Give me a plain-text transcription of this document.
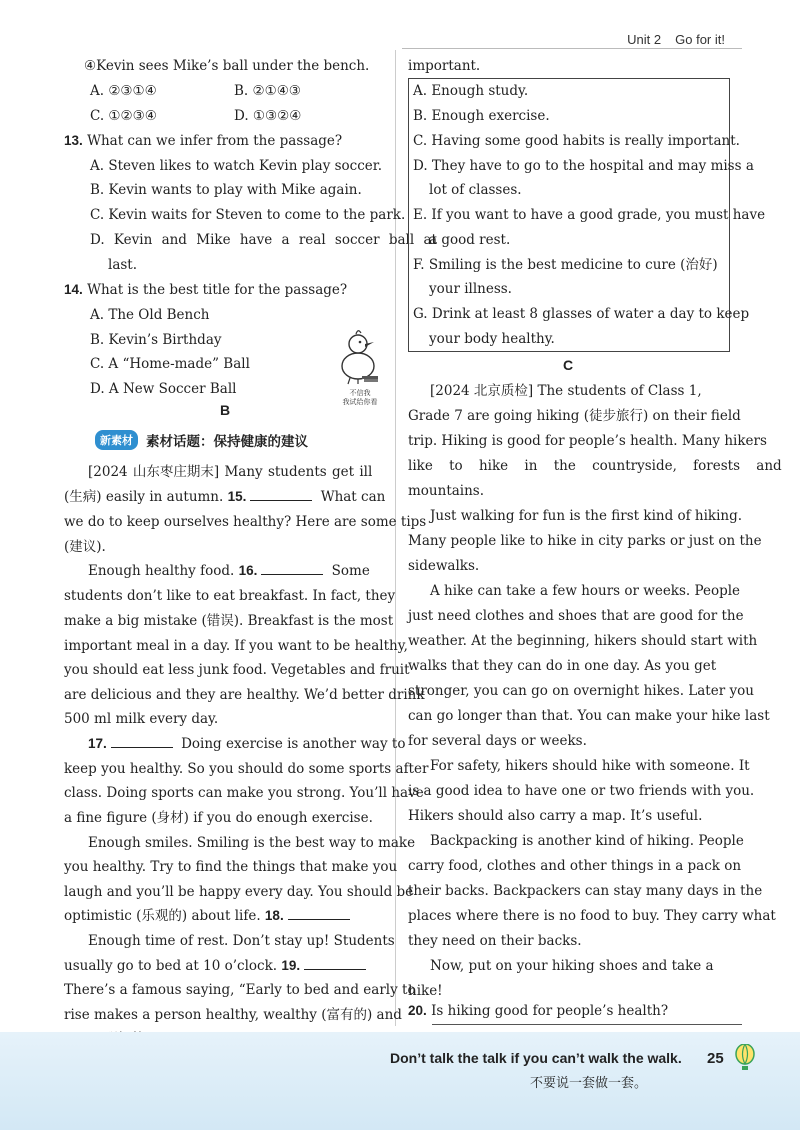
Unit 2 Go for it!
④Kevin sees Mike’s ball under the bench.
A. ②③①④	B. ②①④③
C. ①②③④	D. ①③②④
13. What can we infer from the passage?
A. Steven likes to watch Kevin play soccer.
B. Kevin wants to play with Mike again.
C. Kevin waits for Steven to come to the park.
D. Kevin and Mike have a real soccer ball at
last.
14. What is the best title for the passage?
A. The Old Bench
B. Kevin’s Birthday
C. A “Home-made” Ball
D. A New Soccer Ball	不信我
我试给你看
B
新素材 素材话题：保持健康的建议
[2024 山东枣庄期末] Many students get ill
(生病) easily in autumn. 15.	What can
we do to keep ourselves healthy? Here are some tips
(建议).
Enough healthy food. 16.	Some
students don’t like to eat breakfast. In fact, they
make a big mistake (错误). Breakfast is the most
important meal in a day. If you want to be healthy,
you should eat less junk food. Vegetables and fruit
are delicious and they are healthy. We’d better drink
500 ml milk every day.
17.	Doing exercise is another way to
keep you healthy. So you should do some sports after
class. Doing sports can make you strong. You’ll have
a fine figure (身材) if you do enough exercise.
Enough smiles. Smiling is the best way to make
you healthy. Try to find the things that make you
laugh and you’ll be happy every day. You should be
optimistic (乐观的) about life. 18.
Enough time of rest. Don’t stay up! Students
usually go to bed at 10 o’clock. 19.
There’s a famous saying, “Early to bed and early to
rise makes a person healthy, wealthy (富有的) and
important.
A. Enough study.
B. Enough exercise.
C. Having some good habits is really important.
D. They have to go to the hospital and may miss a
lot of classes.
E. If you want to have a good grade, you must have
a good rest.
F. Smiling is the best medicine to cure (治好)
your illness.
G. Drink at least 8 glasses of water a day to keep
your body healthy.
C
[2024 北京质检] The students of Class 1,
Grade 7 are going hiking (徒步旅行) on their field
trip. Hiking is good for people’s health. Many hikers
like to hike in the countryside, forests and
mountains.
Just walking for fun is the first kind of hiking.
Many people like to hike in city parks or just on the
sidewalks.
A hike can take a few hours or weeks. People
just need clothes and shoes that are good for the
weather. At the beginning, hikers should start with
walks that they can do in one day. As you get
stronger, you can go on overnight hikes. Later you
can go longer than that. You can make your hike last
for several days or weeks.
For safety, hikers should hike with someone. It
is a good idea to have one or two friends with you.
Hikers should also carry a map. It’s useful.
Backpacking is another kind of hiking. People
carry food, clothes and other things in a pack on
their backs. Backpackers can stay many days in the
places where there is no food to buy. They carry what
they need on their backs.
Now, put on your hiking shoes and take a
hike!
20. Is hiking good for people’s health?
Don’t talk the talk if you can’t walk the walk.
不要说一套做一套。
25
